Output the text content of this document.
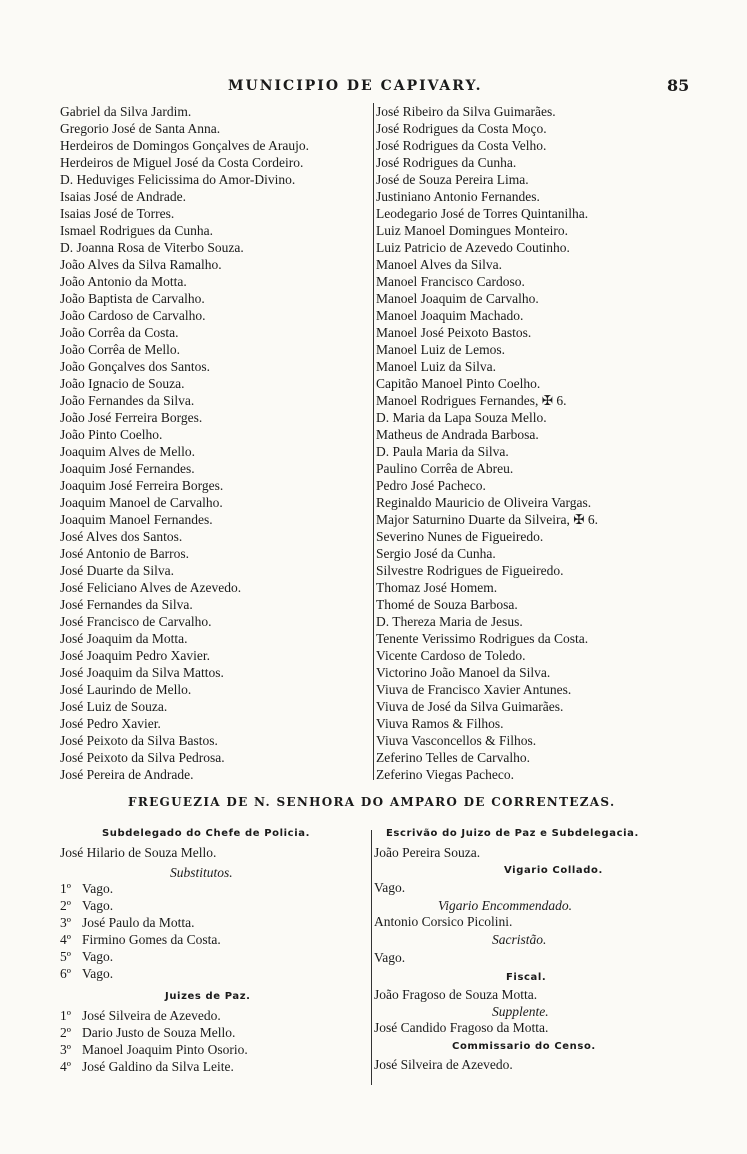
MUNICIPIO DE CAPIVARY.	85
Gabriel da Silva Jardim.
Gregorio José de Santa Anna.
Herdeiros de Domingos Gonçalves de Araujo.
Herdeiros de Miguel José da Costa Cordeiro.
D. Heduviges Felicissima do Amor-Divino.
Isaias José de Andrade.
Isaias José de Torres.
Ismael Rodrigues da Cunha.
D. Joanna Rosa de Viterbo Souza.
João Alves da Silva Ramalho.
João Antonio da Motta.
João Baptista de Carvalho.
João Cardoso de Carvalho.
João Corrêa da Costa.
João Corrêa de Mello.
João Gonçalves dos Santos.
João Ignacio de Souza.
João Fernandes da Silva.
João José Ferreira Borges.
João Pinto Coelho.
Joaquim Alves de Mello.
Joaquim José Fernandes.
Joaquim José Ferreira Borges.
Joaquim Manoel de Carvalho.
Joaquim Manoel Fernandes.
José Alves dos Santos.
José Antonio de Barros.
José Duarte da Silva.
José Feliciano Alves de Azevedo.
José Fernandes da Silva.
José Francisco de Carvalho.
José Joaquim da Motta.
José Joaquim Pedro Xavier.
José Joaquim da Silva Mattos.
José Laurindo de Mello.
José Luiz de Souza.
José Pedro Xavier.
José Peixoto da Silva Bastos.
José Peixoto da Silva Pedrosa.
José Pereira de Andrade.
José Ribeiro da Silva Guimarães.
José Rodrigues da Costa Moço.
José Rodrigues da Costa Velho.
José Rodrigues da Cunha.
José de Souza Pereira Lima.
Justiniano Antonio Fernandes.
Leodegario José de Torres Quintanilha.
Luiz Manoel Domingues Monteiro.
Luiz Patricio de Azevedo Coutinho.
Manoel Alves da Silva.
Manoel Francisco Cardoso.
Manoel Joaquim de Carvalho.
Manoel Joaquim Machado.
Manoel José Peixoto Bastos.
Manoel Luiz de Lemos.
Manoel Luiz da Silva.
Capitão Manoel Pinto Coelho.
Manoel Rodrigues Fernandes, ✠ 6.
D. Maria da Lapa Souza Mello.
Matheus de Andrada Barbosa.
D. Paula Maria da Silva.
Paulino Corrêa de Abreu.
Pedro José Pacheco.
Reginaldo Mauricio de Oliveira Vargas.
Major Saturnino Duarte da Silveira, ✠ 6.
Severino Nunes de Figueiredo.
Sergio José da Cunha.
Silvestre Rodrigues de Figueiredo.
Thomaz José Homem.
Thomé de Souza Barbosa.
D. Thereza Maria de Jesus.
Tenente Verissimo Rodrigues da Costa.
Vicente Cardoso de Toledo.
Victorino João Manoel da Silva.
Viuva de Francisco Xavier Antunes.
Viuva de José da Silva Guimarães.
Viuva Ramos & Filhos.
Viuva Vasconcellos & Filhos.
Zeferino Telles de Carvalho.
Zeferino Viegas Pacheco.
FREGUEZIA DE N. SENHORA DO AMPARO DE CORRENTEZAS.
Subdelegado do Chefe de Policia.
José Hilario de Souza Mello.
Substitutos.
1º Vago.
2º Vago.
3º José Paulo da Motta.
4º Firmino Gomes da Costa.
5º Vago.
6º Vago.
Juizes de Paz.
1º José Silveira de Azevedo.
2º Dario Justo de Souza Mello.
3º Manoel Joaquim Pinto Osorio.
4º José Galdino da Silva Leite.
Escrivão do Juizo de Paz e Subdelegacia.
João Pereira Souza.
Vigario Collado.
Vago.
Vigario Encommendado.
Antonio Corsico Picolini.
Sacristão.
Vago.
Fiscal.
João Fragoso de Souza Motta.
Supplente.
José Candido Fragoso da Motta.
Commissario do Censo.
José Silveira de Azevedo.
